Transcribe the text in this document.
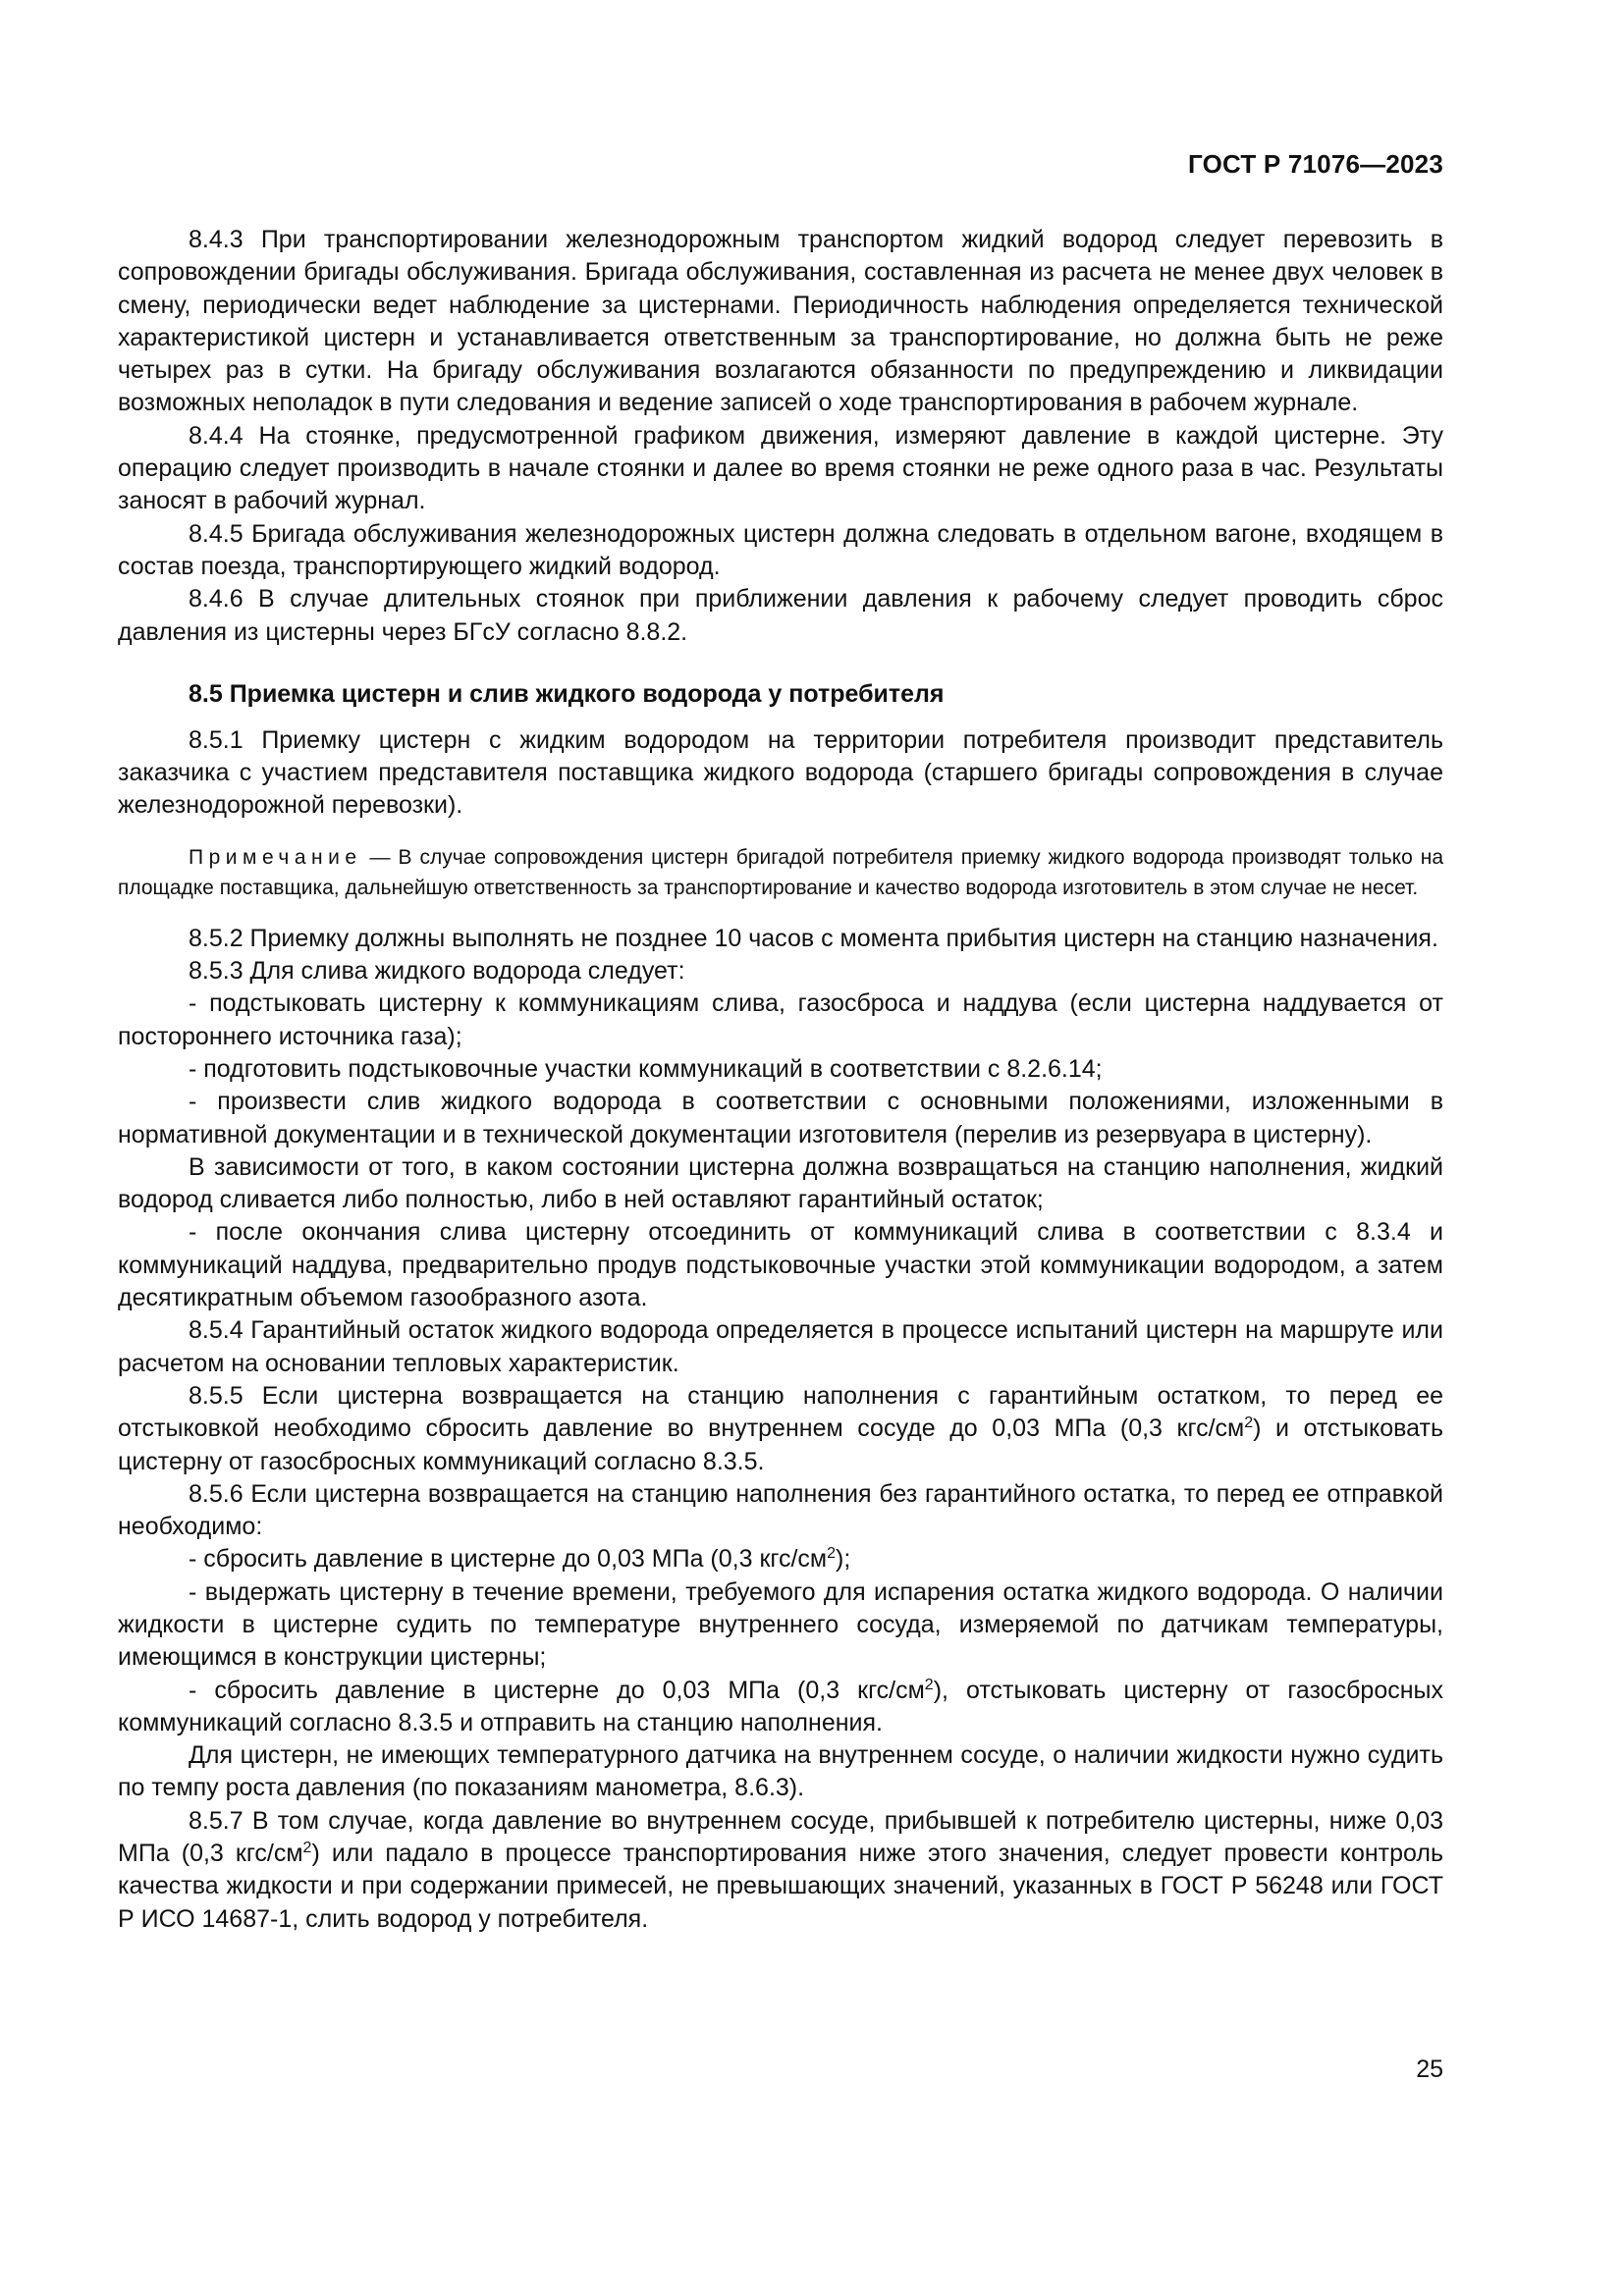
ГОСТ Р 71076—2023

8.4.3 При транспортировании железнодорожным транспортом жидкий водород следует перевозить в сопровождении бригады обслуживания. Бригада обслуживания, составленная из расчета не менее двух человек в смену, периодически ведет наблюдение за цистернами. Периодичность наблюдения определяется технической характеристикой цистерн и устанавливается ответственным за транспортирование, но должна быть не реже четырех раз в сутки. На бригаду обслуживания возлагаются обязанности по предупреждению и ликвидации возможных неполадок в пути следования и ведение записей о ходе транспортирования в рабочем журнале.

8.4.4 На стоянке, предусмотренной графиком движения, измеряют давление в каждой цистерне. Эту операцию следует производить в начале стоянки и далее во время стоянки не реже одного раза в час. Результаты заносят в рабочий журнал.

8.4.5 Бригада обслуживания железнодорожных цистерн должна следовать в отдельном вагоне, входящем в состав поезда, транспортирующего жидкий водород.

8.4.6 В случае длительных стоянок при приближении давления к рабочему следует проводить сброс давления из цистерны через БГсУ согласно 8.8.2.

8.5 Приемка цистерн и слив жидкого водорода у потребителя

8.5.1 Приемку цистерн с жидким водородом на территории потребителя производит представитель заказчика с участием представителя поставщика жидкого водорода (старшего бригады сопровождения в случае железнодорожной перевозки).

Примечание — В случае сопровождения цистерн бригадой потребителя приемку жидкого водорода производят только на площадке поставщика, дальнейшую ответственность за транспортирование и качество водорода изготовитель в этом случае не несет.

8.5.2 Приемку должны выполнять не позднее 10 часов с момента прибытия цистерн на станцию назначения.

8.5.3 Для слива жидкого водорода следует:

- подстыковать цистерну к коммуникациям слива, газосброса и наддува (если цистерна наддувается от постороннего источника газа);

- подготовить подстыковочные участки коммуникаций в соответствии с 8.2.6.14;

- произвести слив жидкого водорода в соответствии с основными положениями, изложенными в нормативной документации и в технической документации изготовителя (перелив из резервуара в цистерну).

В зависимости от того, в каком состоянии цистерна должна возвращаться на станцию наполнения, жидкий водород сливается либо полностью, либо в ней оставляют гарантийный остаток;

- после окончания слива цистерну отсоединить от коммуникаций слива в соответствии с 8.3.4 и коммуникаций наддува, предварительно продув подстыковочные участки этой коммуникации водородом, а затем десятикратным объемом газообразного азота.

8.5.4 Гарантийный остаток жидкого водорода определяется в процессе испытаний цистерн на маршруте или расчетом на основании тепловых характеристик.

8.5.5 Если цистерна возвращается на станцию наполнения с гарантийным остатком, то перед ее отстыковкой необходимо сбросить давление во внутреннем сосуде до 0,03 МПа (0,3 кгс/$см^2$) и отстыковать цистерну от газосбросных коммуникаций согласно 8.3.5.

8.5.6 Если цистерна возвращается на станцию наполнения без гарантийного остатка, то перед ее отправкой необходимо:

- сбросить давление в цистерне до 0,03 МПа (0,3 кгс/$см^2$);

- выдержать цистерну в течение времени, требуемого для испарения остатка жидкого водорода. О наличии жидкости в цистерне судить по температуре внутреннего сосуда, измеряемой по датчикам температуры, имеющимся в конструкции цистерны;

- сбросить давление в цистерне до 0,03 МПа (0,3 кгс/$см^2$), отстыковать цистерну от газосбросных коммуникаций согласно 8.3.5 и отправить на станцию наполнения.

Для цистерн, не имеющих температурного датчика на внутреннем сосуде, о наличии жидкости нужно судить по темпу роста давления (по показаниям манометра, 8.6.3).

8.5.7 В том случае, когда давление во внутреннем сосуде, прибывшей к потребителю цистерны, ниже 0,03 МПа (0,3 кгс/$см^2$) или падало в процессе транспортирования ниже этого значения, следует провести контроль качества жидкости и при содержании примесей, не превышающих значений, указанных в ГОСТ Р 56248 или ГОСТ Р ИСО 14687-1, слить водород у потребителя.

25
